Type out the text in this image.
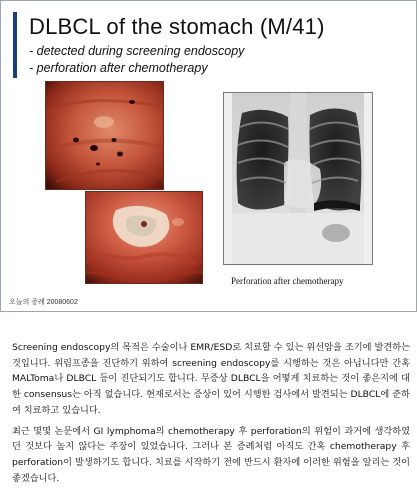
DLBCL of the stomach (M/41)
- detected during screening endoscopy
- perforation after chemotherapy
Perforation after chemotherapy
오늘의 증례 20080602

Screening endoscopy의 목적은 수술이나 EMR/ESD로 치료할 수 있는 위선암을 조기에 발견하는 것입니다. 위림프종을 진단하기 위하여 screening endoscopy를 시행하는 것은 아닙니다만 간혹 MALToma나 DLBCL 등이 진단되기도 합니다. 무증상 DLBCL을 어떻게 치료하는 것이 좋은지에 대한 consensus는 아직 없습니다. 현재로서는 증상이 있어 시행한 검사에서 발견되는 DLBCL에 준하여 치료하고 있습니다.

최근 몇몇 논문에서 GI lymphoma의 chemotherapy 후 perforation의 위험이 과거에 생각하였던 것보다 높지 않다는 주장이 있었습니다. 그러나 본 증례처럼 아직도 간혹 chemotherapy 후 perforation이 발생하기도 합니다. 치료를 시작하기 전에 반드시 환자에 이러한 위험을 알리는 것이 좋겠습니다.
